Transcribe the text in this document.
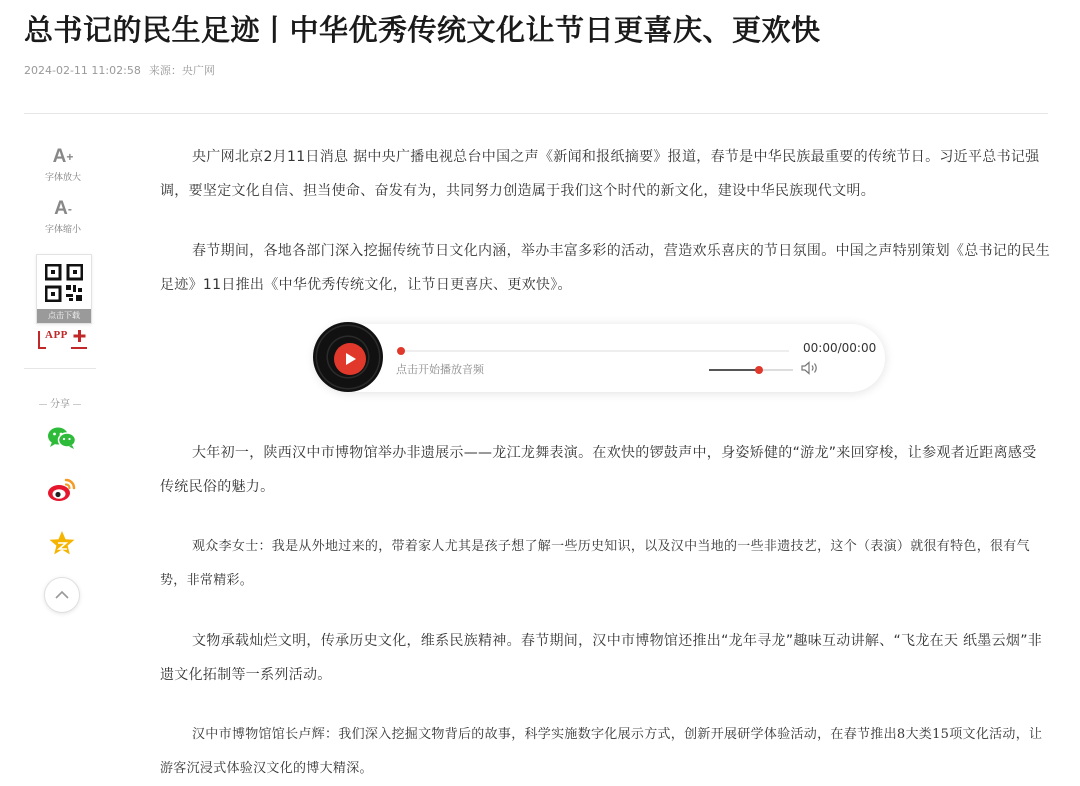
总书记的民生足迹丨中华优秀传统文化让节日更喜庆、更欢快
2024-02-11 11:02:58 来源：央广网
A+
字体放大
A-
字体缩小
点击下载
APP
分享

央广网北京2月11日消息 据中央广播电视总台中国之声《新闻和报纸摘要》报道，春节是中华民族最重要的传统节日。习近平总书记强调，要坚定文化自信、担当使命、奋发有为，共同努力创造属于我们这个时代的新文化，建设中华民族现代文明。

春节期间，各地各部门深入挖掘传统节日文化内涵，举办丰富多彩的活动，营造欢乐喜庆的节日氛围。中国之声特别策划《总书记的民生足迹》11日推出《中华优秀传统文化，让节日更喜庆、更欢快》。

00:00/00:00
点击开始播放音频

大年初一，陕西汉中市博物馆举办非遗展示——龙江龙舞表演。在欢快的锣鼓声中，身姿矫健的“游龙”来回穿梭，让参观者近距离感受传统民俗的魅力。

观众李女士：我是从外地过来的，带着家人尤其是孩子想了解一些历史知识，以及汉中当地的一些非遗技艺，这个（表演）就很有特色，很有气势，非常精彩。

文物承载灿烂文明，传承历史文化，维系民族精神。春节期间，汉中市博物馆还推出“龙年寻龙”趣味互动讲解、“飞龙在天 纸墨云烟”非遗文化拓制等一系列活动。

汉中市博物馆馆长卢辉：我们深入挖掘文物背后的故事，科学实施数字化展示方式，创新开展研学体验活动，在春节推出8大类15项文化活动，让游客沉浸式体验汉文化的博大精深。
